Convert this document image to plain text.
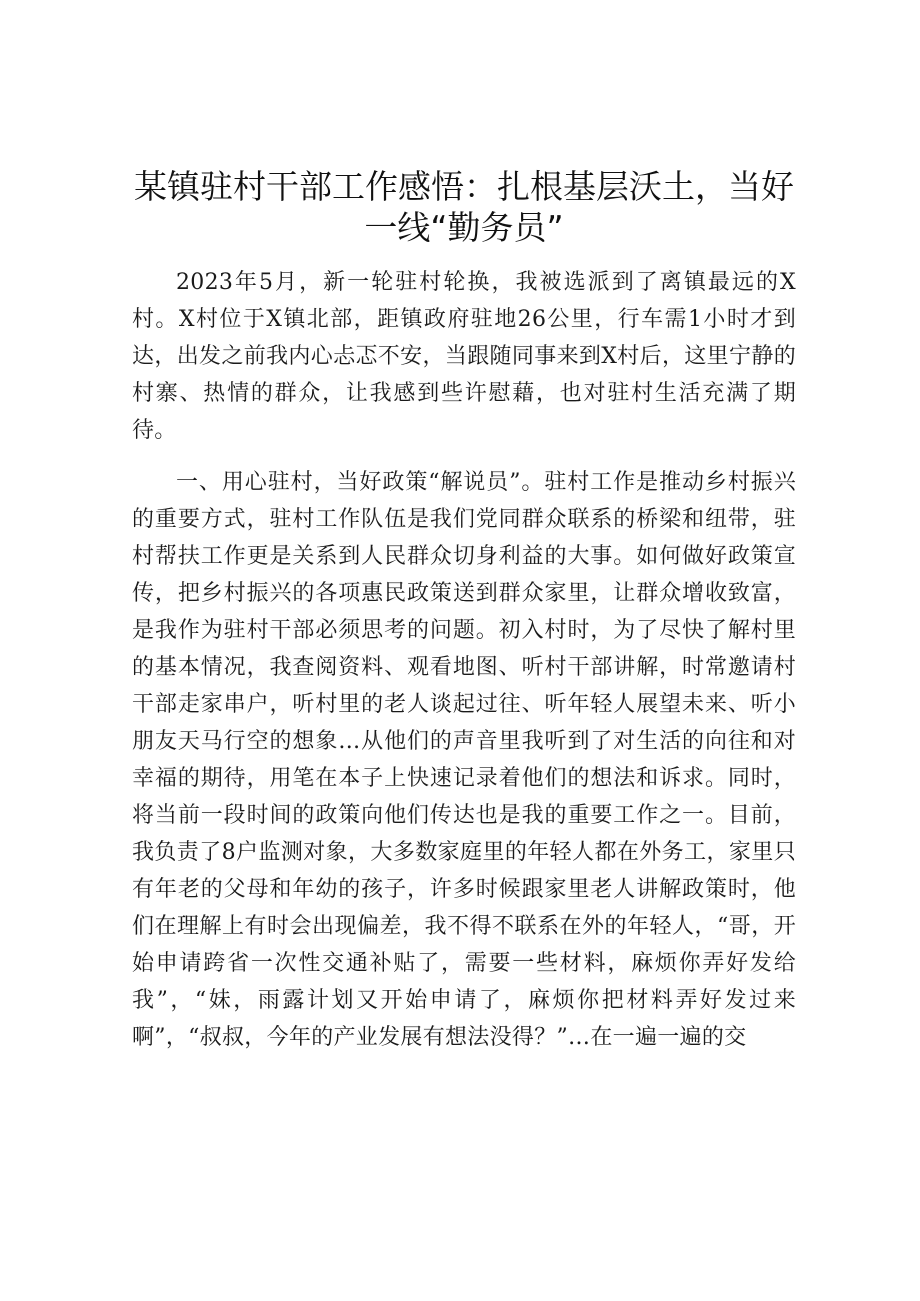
某镇驻村干部工作感悟：扎根基层沃土，当好
一线“勤务员”

2023年5月，新一轮驻村轮换，我被选派到了离镇最远的X村。X村位于X镇北部，距镇政府驻地26公里，行车需1小时才到达，出发之前我内心忐忑不安，当跟随同事来到X村后，这里宁静的村寨、热情的群众，让我感到些许慰藉，也对驻村生活充满了期待。

一、用心驻村，当好政策“解说员”。驻村工作是推动乡村振兴的重要方式，驻村工作队伍是我们党同群众联系的桥梁和纽带，驻村帮扶工作更是关系到人民群众切身利益的大事。如何做好政策宣传，把乡村振兴的各项惠民政策送到群众家里，让群众增收致富，是我作为驻村干部必须思考的问题。初入村时，为了尽快了解村里的基本情况，我查阅资料、观看地图、听村干部讲解，时常邀请村干部走家串户，听村里的老人谈起过往、听年轻人展望未来、听小朋友天马行空的想象…从他们的声音里我听到了对生活的向往和对幸福的期待，用笔在本子上快速记录着他们的想法和诉求。同时，将当前一段时间的政策向他们传达也是我的重要工作之一。目前，我负责了8户监测对象，大多数家庭里的年轻人都在外务工，家里只有年老的父母和年幼的孩子，许多时候跟家里老人讲解政策时，他们在理解上有时会出现偏差，我不得不联系在外的年轻人，“哥，开始申请跨省一次性交通补贴了，需要一些材料，麻烦你弄好发给我”，“妹，雨露计划又开始申请了，麻烦你把材料弄好发过来啊”，“叔叔，今年的产业发展有想法没得？”…在一遍一遍的交
